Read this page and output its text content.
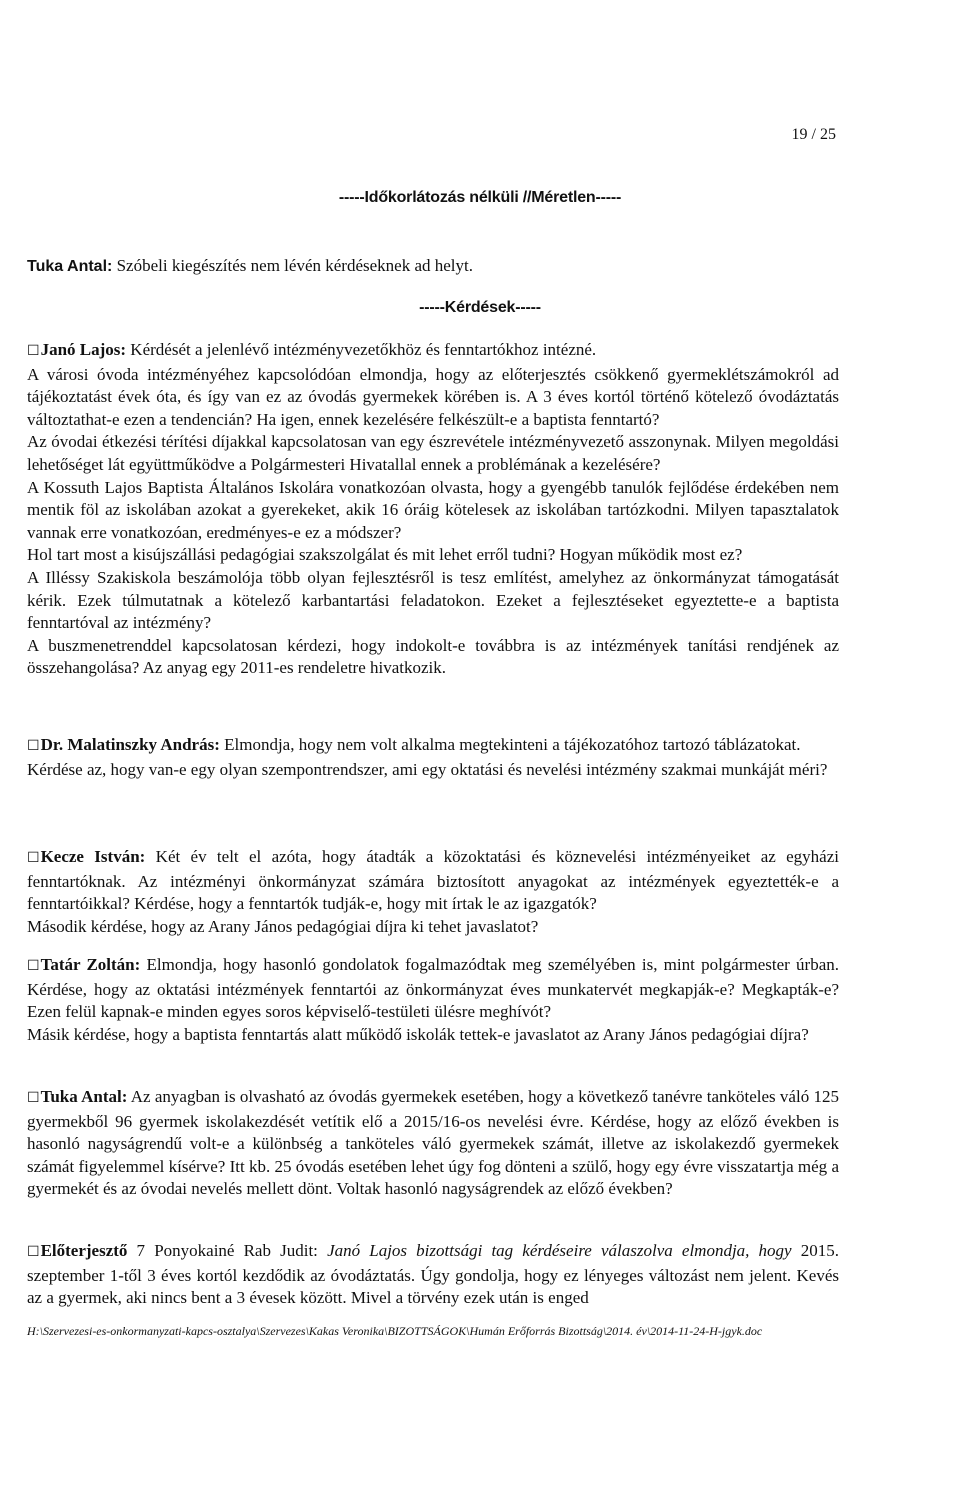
19 / 25
-----Időkorlátozás nélküli //Méretlen-----
Tuka Antal: Szóbeli kiegészítés nem lévén kérdéseknek ad helyt.
-----Kérdések-----

☐Janó Lajos: Kérdését a jelenlévő intézményvezetőkhöz és fenntartókhoz intézné.

A városi óvoda intézményéhez kapcsolódóan elmondja, hogy az előterjesztés csökkenő gyermeklétszámokról ad tájékoztatást évek óta, és így van ez az óvodás gyermekek körében is. A 3 éves kortól történő kötelező óvodáztatás változtathat-e ezen a tendencián? Ha igen, ennek kezelésére felkészült-e a baptista fenntartó?

Az óvodai étkezési térítési díjakkal kapcsolatosan van egy észrevétele intézményvezető asszonynak. Milyen megoldási lehetőséget lát együttműködve a Polgármesteri Hivatallal ennek a problémának a kezelésére?

A Kossuth Lajos Baptista Általános Iskolára vonatkozóan olvasta, hogy a gyengébb tanulók fejlődése érdekében nem mentik föl az iskolában azokat a gyerekeket, akik 16 óráig kötelesek az iskolában tartózkodni. Milyen tapasztalatok vannak erre vonatkozóan, eredményes-e ez a módszer?

Hol tart most a kisújszállási pedagógiai szakszolgálat és mit lehet erről tudni? Hogyan működik most ez?

A Illéssy Szakiskola beszámolója több olyan fejlesztésről is tesz említést, amelyhez az önkormányzat támogatását kérik. Ezek túlmutatnak a kötelező karbantartási feladatokon. Ezeket a fejlesztéseket egyeztette-e a baptista fenntartóval az intézmény?

A buszmenetrenddel kapcsolatosan kérdezi, hogy indokolt-e továbbra is az intézmények tanítási rendjének az összehangolása? Az anyag egy 2011-es rendeletre hivatkozik.

☐Dr. Malatinszky András: Elmondja, hogy nem volt alkalma megtekinteni a tájékozatóhoz tartozó táblázatokat.

Kérdése az, hogy van-e egy olyan szempontrendszer, ami egy oktatási és nevelési intézmény szakmai munkáját méri?

☐Kecze István: Két év telt el azóta, hogy átadták a közoktatási és köznevelési intézményeiket az egyházi fenntartóknak. Az intézményi önkormányzat számára biztosított anyagokat az intézmények egyeztették-e a fenntartóikkal? Kérdése, hogy a fenntartók tudják-e, hogy mit írtak le az igazgatók?

Második kérdése, hogy az Arany János pedagógiai díjra ki tehet javaslatot?

☐Tatár Zoltán: Elmondja, hogy hasonló gondolatok fogalmazódtak meg személyében is, mint polgármester úrban. Kérdése, hogy az oktatási intézmények fenntartói az önkormányzat éves munkatervét megkapják-e? Megkapták-e? Ezen felül kapnak-e minden egyes soros képviselő-testületi ülésre meghívót?

Másik kérdése, hogy a baptista fenntartás alatt működő iskolák tettek-e javaslatot az Arany János pedagógiai díjra?

☐Tuka Antal: Az anyagban is olvasható az óvodás gyermekek esetében, hogy a következő tanévre tanköteles váló 125 gyermekből 96 gyermek iskolakezdését vetítik elő a 2015/16-os nevelési évre. Kérdése, hogy az előző években is hasonló nagyságrendű volt-e a különbség a tanköteles váló gyermekek számát, illetve az iskolakezdő gyermekek számát figyelemmel kísérve? Itt kb. 25 óvodás esetében lehet úgy fog dönteni a szülő, hogy egy évre visszatartja még a gyermekét és az óvodai nevelés mellett dönt. Voltak hasonló nagyságrendek az előző években?

☐Előterjesztő 7 Ponyokainé Rab Judit: Janó Lajos bizottsági tag kérdéseire válaszolva elmondja, hogy 2015. szeptember 1-től 3 éves kortól kezdődik az óvodáztatás. Úgy gondolja, hogy ez lényeges változást nem jelent. Kevés az a gyermek, aki nincs bent a 3 évesek között. Mivel a törvény ezek után is enged

H:\Szervezesi-es-onkormanyzati-kapcs-osztalya\Szervezes\Kakas Veronika\BIZOTTSÁGOK\Humán Erőforrás Bizottság\2014. év\2014-11-24-H-jgyk.doc
